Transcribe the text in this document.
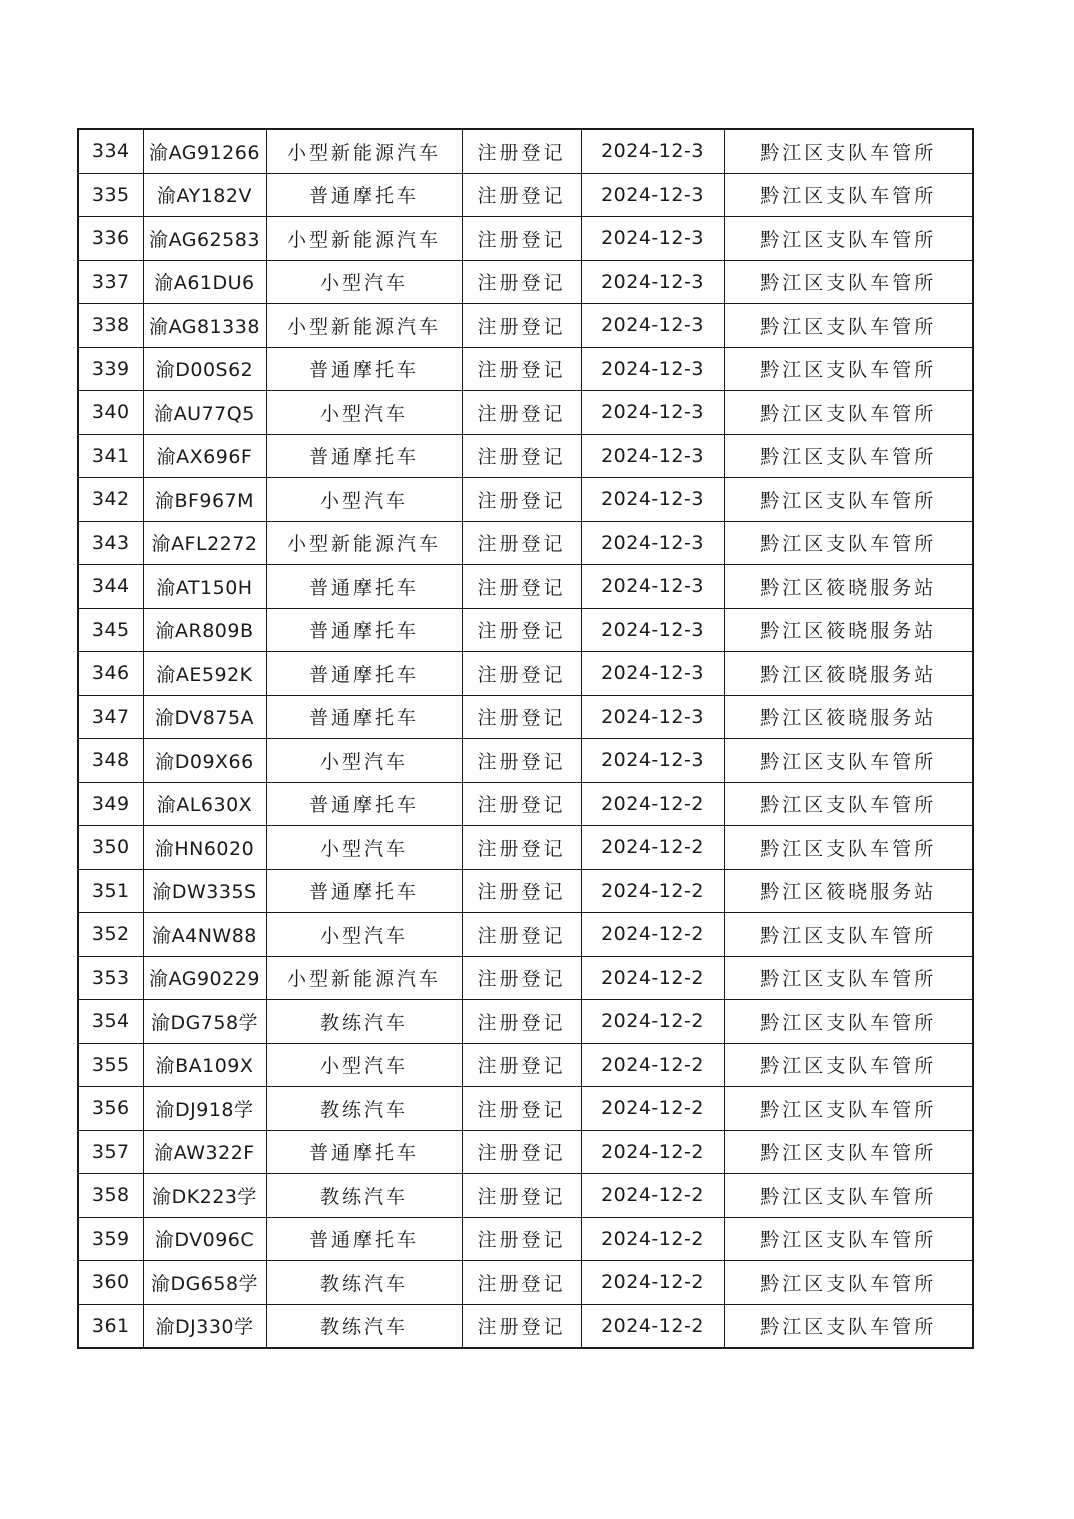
334	渝AG91266	小型新能源汽车	注册登记	2024-12-3	黔江区支队车管所
335	渝AY182V	普通摩托车	注册登记	2024-12-3	黔江区支队车管所
336	渝AG62583	小型新能源汽车	注册登记	2024-12-3	黔江区支队车管所
337	渝A61DU6	小型汽车	注册登记	2024-12-3	黔江区支队车管所
338	渝AG81338	小型新能源汽车	注册登记	2024-12-3	黔江区支队车管所
339	渝D00S62	普通摩托车	注册登记	2024-12-3	黔江区支队车管所
340	渝AU77Q5	小型汽车	注册登记	2024-12-3	黔江区支队车管所
341	渝AX696F	普通摩托车	注册登记	2024-12-3	黔江区支队车管所
342	渝BF967M	小型汽车	注册登记	2024-12-3	黔江区支队车管所
343	渝AFL2272	小型新能源汽车	注册登记	2024-12-3	黔江区支队车管所
344	渝AT150H	普通摩托车	注册登记	2024-12-3	黔江区筱晓服务站
345	渝AR809B	普通摩托车	注册登记	2024-12-3	黔江区筱晓服务站
346	渝AE592K	普通摩托车	注册登记	2024-12-3	黔江区筱晓服务站
347	渝DV875A	普通摩托车	注册登记	2024-12-3	黔江区筱晓服务站
348	渝D09X66	小型汽车	注册登记	2024-12-3	黔江区支队车管所
349	渝AL630X	普通摩托车	注册登记	2024-12-2	黔江区支队车管所
350	渝HN6020	小型汽车	注册登记	2024-12-2	黔江区支队车管所
351	渝DW335S	普通摩托车	注册登记	2024-12-2	黔江区筱晓服务站
352	渝A4NW88	小型汽车	注册登记	2024-12-2	黔江区支队车管所
353	渝AG90229	小型新能源汽车	注册登记	2024-12-2	黔江区支队车管所
354	渝DG758学	教练汽车	注册登记	2024-12-2	黔江区支队车管所
355	渝BA109X	小型汽车	注册登记	2024-12-2	黔江区支队车管所
356	渝DJ918学	教练汽车	注册登记	2024-12-2	黔江区支队车管所
357	渝AW322F	普通摩托车	注册登记	2024-12-2	黔江区支队车管所
358	渝DK223学	教练汽车	注册登记	2024-12-2	黔江区支队车管所
359	渝DV096C	普通摩托车	注册登记	2024-12-2	黔江区支队车管所
360	渝DG658学	教练汽车	注册登记	2024-12-2	黔江区支队车管所
361	渝DJ330学	教练汽车	注册登记	2024-12-2	黔江区支队车管所
